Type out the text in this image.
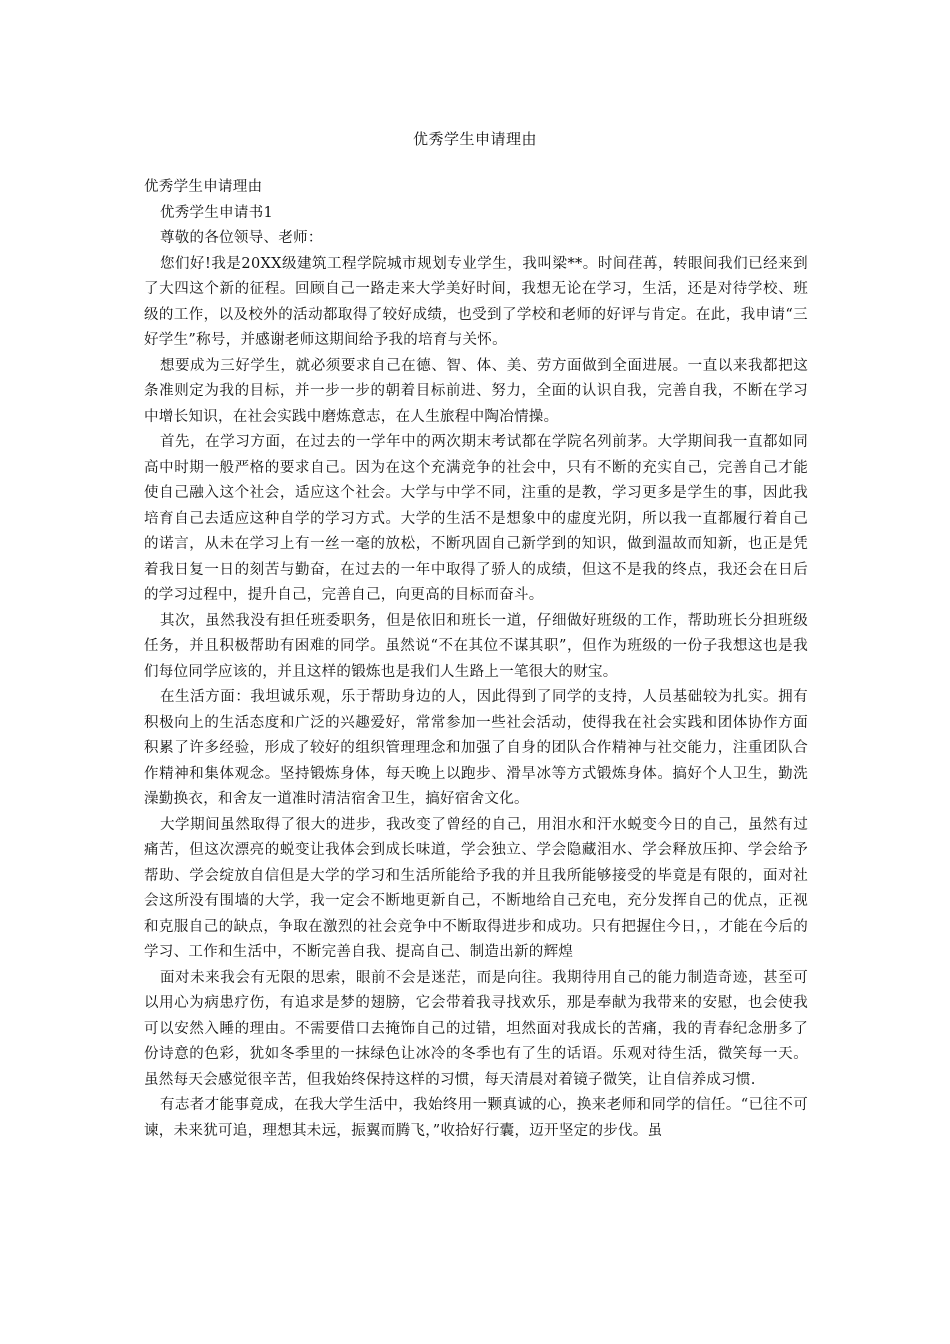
优秀学生申请理由

优秀学生申请理由

优秀学生申请书1

尊敬的各位领导、老师：

您们好!我是20XX级建筑工程学院城市规划专业学生，我叫梁**。时间荏苒，转眼间我们已经来到了大四这个新的征程。回顾自己一路走来大学美好时间，我想无论在学习，生活，还是对待学校、班级的工作，以及校外的活动都取得了较好成绩，也受到了学校和老师的好评与肯定。在此，我申请“三好学生”称号，并感谢老师这期间给予我的培育与关怀。

想要成为三好学生，就必须要求自己在德、智、体、美、劳方面做到全面进展。一直以来我都把这条准则定为我的目标，并一步一步的朝着目标前进、努力，全面的认识自我，完善自我，不断在学习中增长知识，在社会实践中磨炼意志，在人生旅程中陶冶情操。

首先，在学习方面，在过去的一学年中的两次期末考试都在学院名列前茅。大学期间我一直都如同高中时期一般严格的要求自己。因为在这个充满竞争的社会中，只有不断的充实自己，完善自己才能使自己融入这个社会，适应这个社会。大学与中学不同，注重的是教，学习更多是学生的事，因此我培育自己去适应这种自学的学习方式。大学的生活不是想象中的虚度光阴，所以我一直都履行着自己的诺言，从未在学习上有一丝一毫的放松，不断巩固自己新学到的知识，做到温故而知新，也正是凭着我日复一日的刻苦与勤奋，在过去的一年中取得了骄人的成绩，但这不是我的终点，我还会在日后的学习过程中，提升自己，完善自己，向更高的目标而奋斗。

其次，虽然我没有担任班委职务，但是依旧和班长一道，仔细做好班级的工作，帮助班长分担班级任务，并且积极帮助有困难的同学。虽然说“不在其位不谋其职”，但作为班级的一份子我想这也是我们每位同学应该的，并且这样的锻炼也是我们人生路上一笔很大的财宝。

在生活方面：我坦诚乐观，乐于帮助身边的人，因此得到了同学的支持，人员基础较为扎实。拥有积极向上的生活态度和广泛的兴趣爱好，常常参加一些社会活动，使得我在社会实践和团体协作方面积累了许多经验，形成了较好的组织管理理念和加强了自身的团队合作精神与社交能力，注重团队合作精神和集体观念。坚持锻炼身体，每天晚上以跑步、滑旱冰等方式锻炼身体。搞好个人卫生，勤洗澡勤换衣，和舍友一道准时清洁宿舍卫生，搞好宿舍文化。

大学期间虽然取得了很大的进步，我改变了曾经的自己，用泪水和汗水蜕变今日的自己，虽然有过痛苦，但这次漂亮的蜕变让我体会到成长味道，学会独立、学会隐藏泪水、学会释放压抑、学会给予帮助、学会绽放自信但是大学的学习和生活所能给予我的并且我所能够接受的毕竟是有限的，面对社会这所没有围墙的大学，我一定会不断地更新自己，不断地给自己充电，充分发挥自己的优点，正视和克服自己的缺点，争取在激烈的社会竞争中不断取得进步和成功。只有把握住今日，，才能在今后的学习、工作和生活中，不断完善自我、提高自己、制造出新的辉煌

面对未来我会有无限的思索，眼前不会是迷茫，而是向往。我期待用自己的能力制造奇迹，甚至可以用心为病患疗伤，有追求是梦的翅膀，它会带着我寻找欢乐，那是奉献为我带来的安慰，也会使我可以安然入睡的理由。不需要借口去掩饰自己的过错，坦然面对我成长的苦痛，我的青春纪念册多了份诗意的色彩，犹如冬季里的一抹绿色让冰冷的冬季也有了生的话语。乐观对待生活，微笑每一天。虽然每天会感觉很辛苦，但我始终保持这样的习惯，每天清晨对着镜子微笑，让自信养成习惯.

有志者才能事竟成，在我大学生活中，我始终用一颗真诚的心，换来老师和同学的信任。“已往不可谏，未来犹可追，理想其未远，振翼而腾飞，”收拾好行囊，迈开坚定的步伐。虽
